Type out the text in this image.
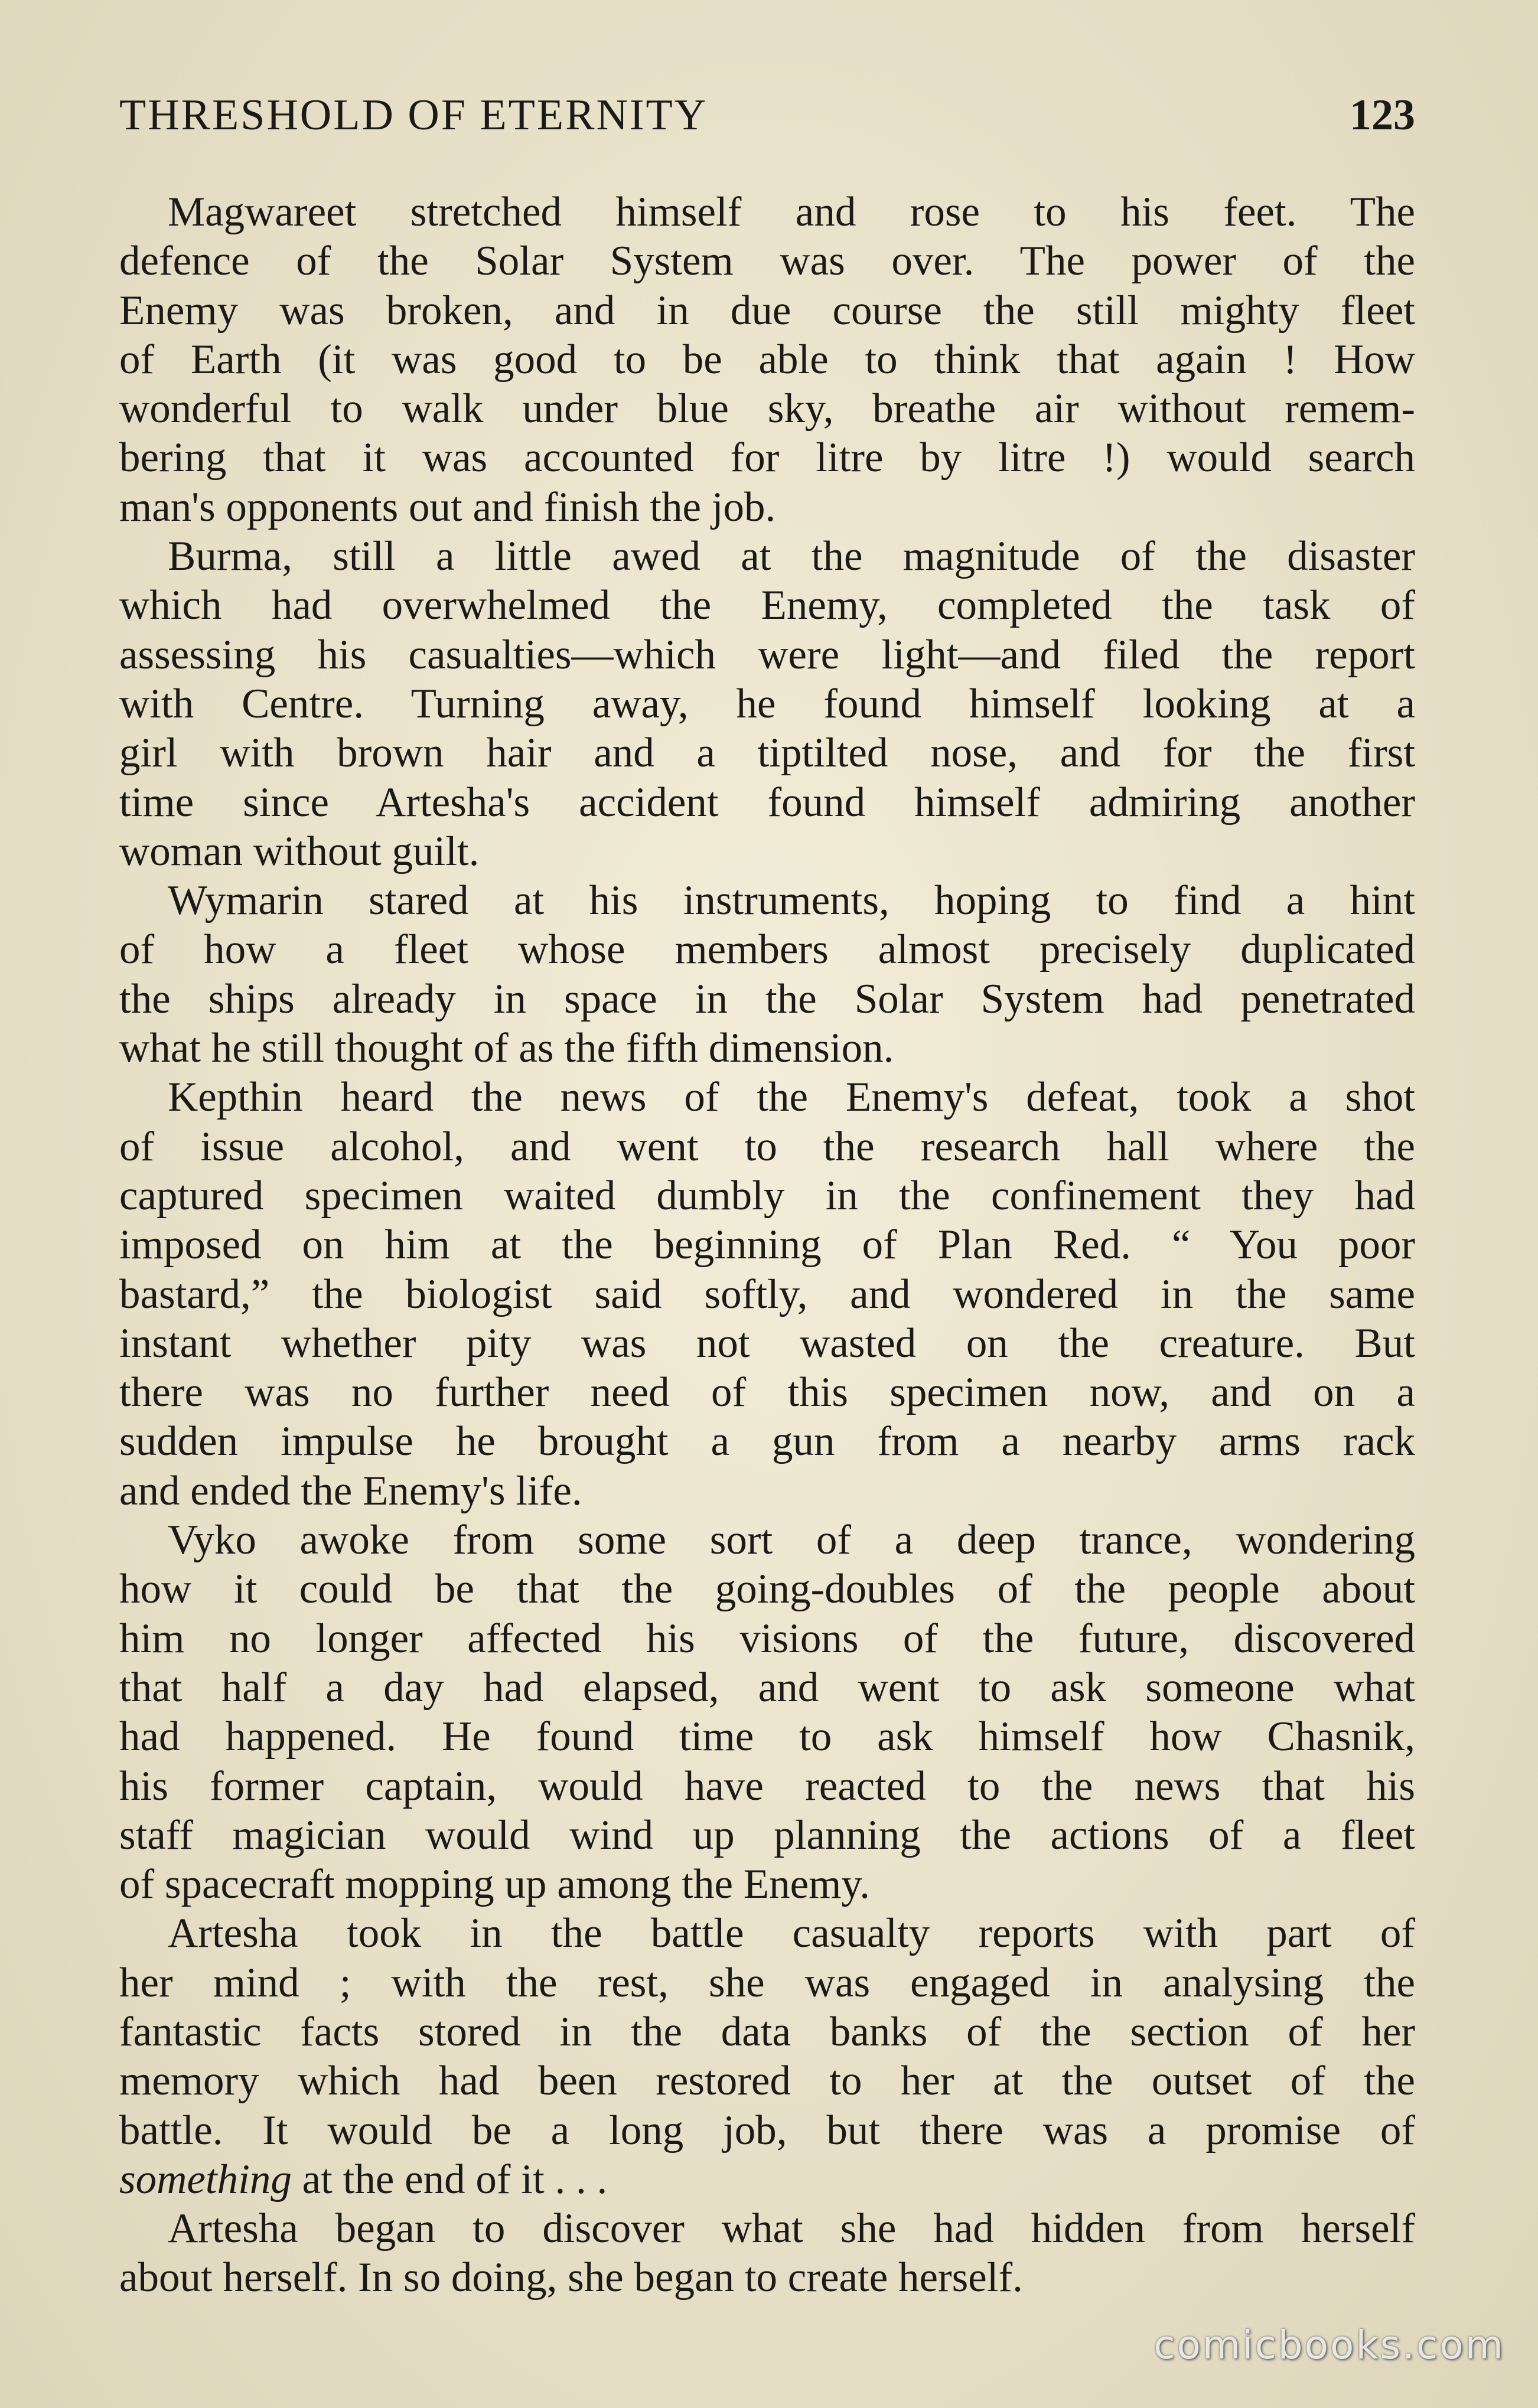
THRESHOLD OF ETERNITY	123
Magwareet stretched himself and rose to his feet. The
defence of the Solar System was over. The power of the
Enemy was broken, and in due course the still mighty fleet
of Earth (it was good to be able to think that again ! How
wonderful to walk under blue sky, breathe air without remem-
bering that it was accounted for litre by litre !) would search
man's opponents out and finish the job.
Burma, still a little awed at the magnitude of the disaster
which had overwhelmed the Enemy, completed the task of
assessing his casualties—which were light—and filed the report
with Centre. Turning away, he found himself looking at a
girl with brown hair and a tiptilted nose, and for the first
time since Artesha's accident found himself admiring another
woman without guilt.
Wymarin stared at his instruments, hoping to find a hint
of how a fleet whose members almost precisely duplicated
the ships already in space in the Solar System had penetrated
what he still thought of as the fifth dimension.
Kepthin heard the news of the Enemy's defeat, took a shot
of issue alcohol, and went to the research hall where the
captured specimen waited dumbly in the confinement they had
imposed on him at the beginning of Plan Red. “ You poor
bastard,” the biologist said softly, and wondered in the same
instant whether pity was not wasted on the creature. But
there was no further need of this specimen now, and on a
sudden impulse he brought a gun from a nearby arms rack
and ended the Enemy's life.
Vyko awoke from some sort of a deep trance, wondering
how it could be that the going-doubles of the people about
him no longer affected his visions of the future, discovered
that half a day had elapsed, and went to ask someone what
had happened. He found time to ask himself how Chasnik,
his former captain, would have reacted to the news that his
staff magician would wind up planning the actions of a fleet
of spacecraft mopping up among the Enemy.
Artesha took in the battle casualty reports with part of
her mind ; with the rest, she was engaged in analysing the
fantastic facts stored in the data banks of the section of her
memory which had been restored to her at the outset of the
battle. It would be a long job, but there was a promise of
something at the end of it . . .
Artesha began to discover what she had hidden from herself
about herself. In so doing, she began to create herself.
comicbooks.com
